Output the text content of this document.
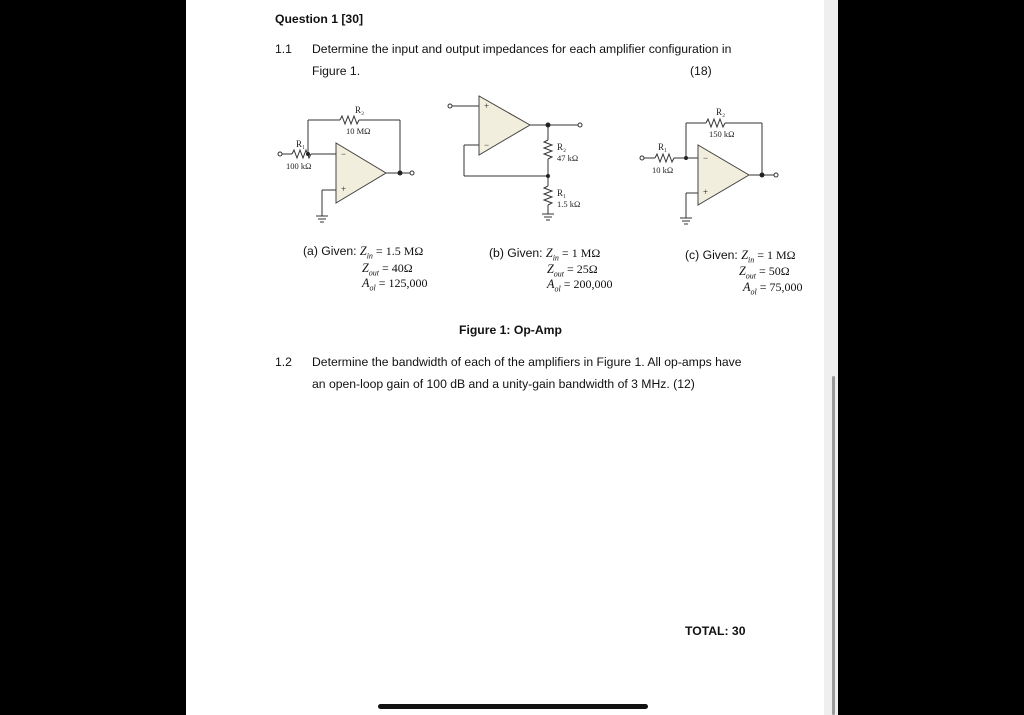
Question 1 [30]
1.1 Determine the input and output impedances for each amplifier configuration in
Figure 1.	(18)
−
+
R₂
10 MΩ
R₁
100 kΩ
+
−	R₂
47 kΩ
R₁
1.5 kΩ
−
+
R₂
150 kΩ
R₁
10 kΩ
(a) Given: $Z_{in} = 1.5$ MΩ
$Z_{out} = 40\Omega$
$A_{ol} = 125,000$
(b) Given: $Z_{in} = 1$ MΩ
$Z_{out} = 25\Omega$
$A_{ol} = 200,000$
(c) Given: $Z_{in} = 1$ MΩ
$Z_{out} = 50\Omega$
$A_{ol} = 75,000$
Figure 1: Op-Amp
1.2 Determine the bandwidth of each of the amplifiers in Figure 1. All op-amps have
an open-loop gain of 100 dB and a unity-gain bandwidth of 3 MHz. (12)
TOTAL: 30
